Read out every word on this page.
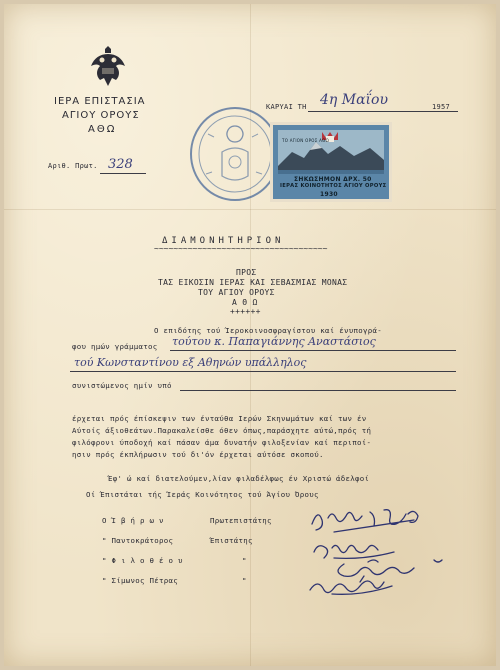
ΙΕΡΑ ΕΠΙΣΤΑΣΙΑ
ΑΓΙΟΥ ΟΡΟΥΣ
ΑΘΩ
Αριθ. Πρωτ. 328
ΤΟ ΑΓΙΟΝ ΟΡΟΣ ΑΘΩ
ΣΗΚΩΣΗΜΟΝ ΔΡΧ. 50
ΙΕΡΑΣ ΚΟΙΝΟΤΗΤΟΣ ΑΓΙΟΥ ΟΡΟΥΣ
1930
ΚΑΡΥΑΙ ΤΗ 4η Μαΐου	1957
ΔΙΑΜΟΝΗΤΗΡΙΟΝ
~~~~~~~~~~~~~~~~~~~~~~~~~~~~~~~~~~~~
ΠΡΟΣ
ΤΑΣ ΕΙΚΟΣΙΝ ΙΕΡΑΣ ΚΑΙ ΣΕΒΑΣΜΙΑΣ ΜΟΝΑΣ
ΤΟΥ ΑΓΙΟΥ ΟΡΟΥΣ
Α Θ Ω
++++++
Ο επιδότης τού Ίεροκοινοσφραγίστου καί ένυπογρά-
φου ημών γράμματος τούτου κ. Παπαγιάννης Αναστάσιος
τού Κωνσταντίνου εξ Αθηνών υπάλληλος
συνιστώμενος ημίν υπό
έρχεται πρός έπίσκεψιν των ένταύθα Ιερών Σκηνωμάτων καί των έν
Αύτοίς άξιοθεάτων.Παρακαλείσθε όθεν όπως,παράσχητε αύτώ,πρός τή
φιλόφρονι ύποδοχή καί πάσαν άμα δυνατήν φιλοξενίαν καί περιποί-
ησιν πρός έκπλήρωσιν τού δι'όν έρχεται αύτόσε σκοπού.
Έφ' ώ καί διατελούμεν,λίαν φιλαδέλφως έν Χριστώ άδελφοί
Οί Έπιστάται τής Ίεράς Κοινότητος τού Άγίου Όρους
Ο Ί β ή ρ ω ν	Πρωτεπιστάτης
" Παντοκράτορος	Έπιστάτης
" Φ ι λ ο θ έ ο υ	"
" Σίμωνος Πέτρας	"
